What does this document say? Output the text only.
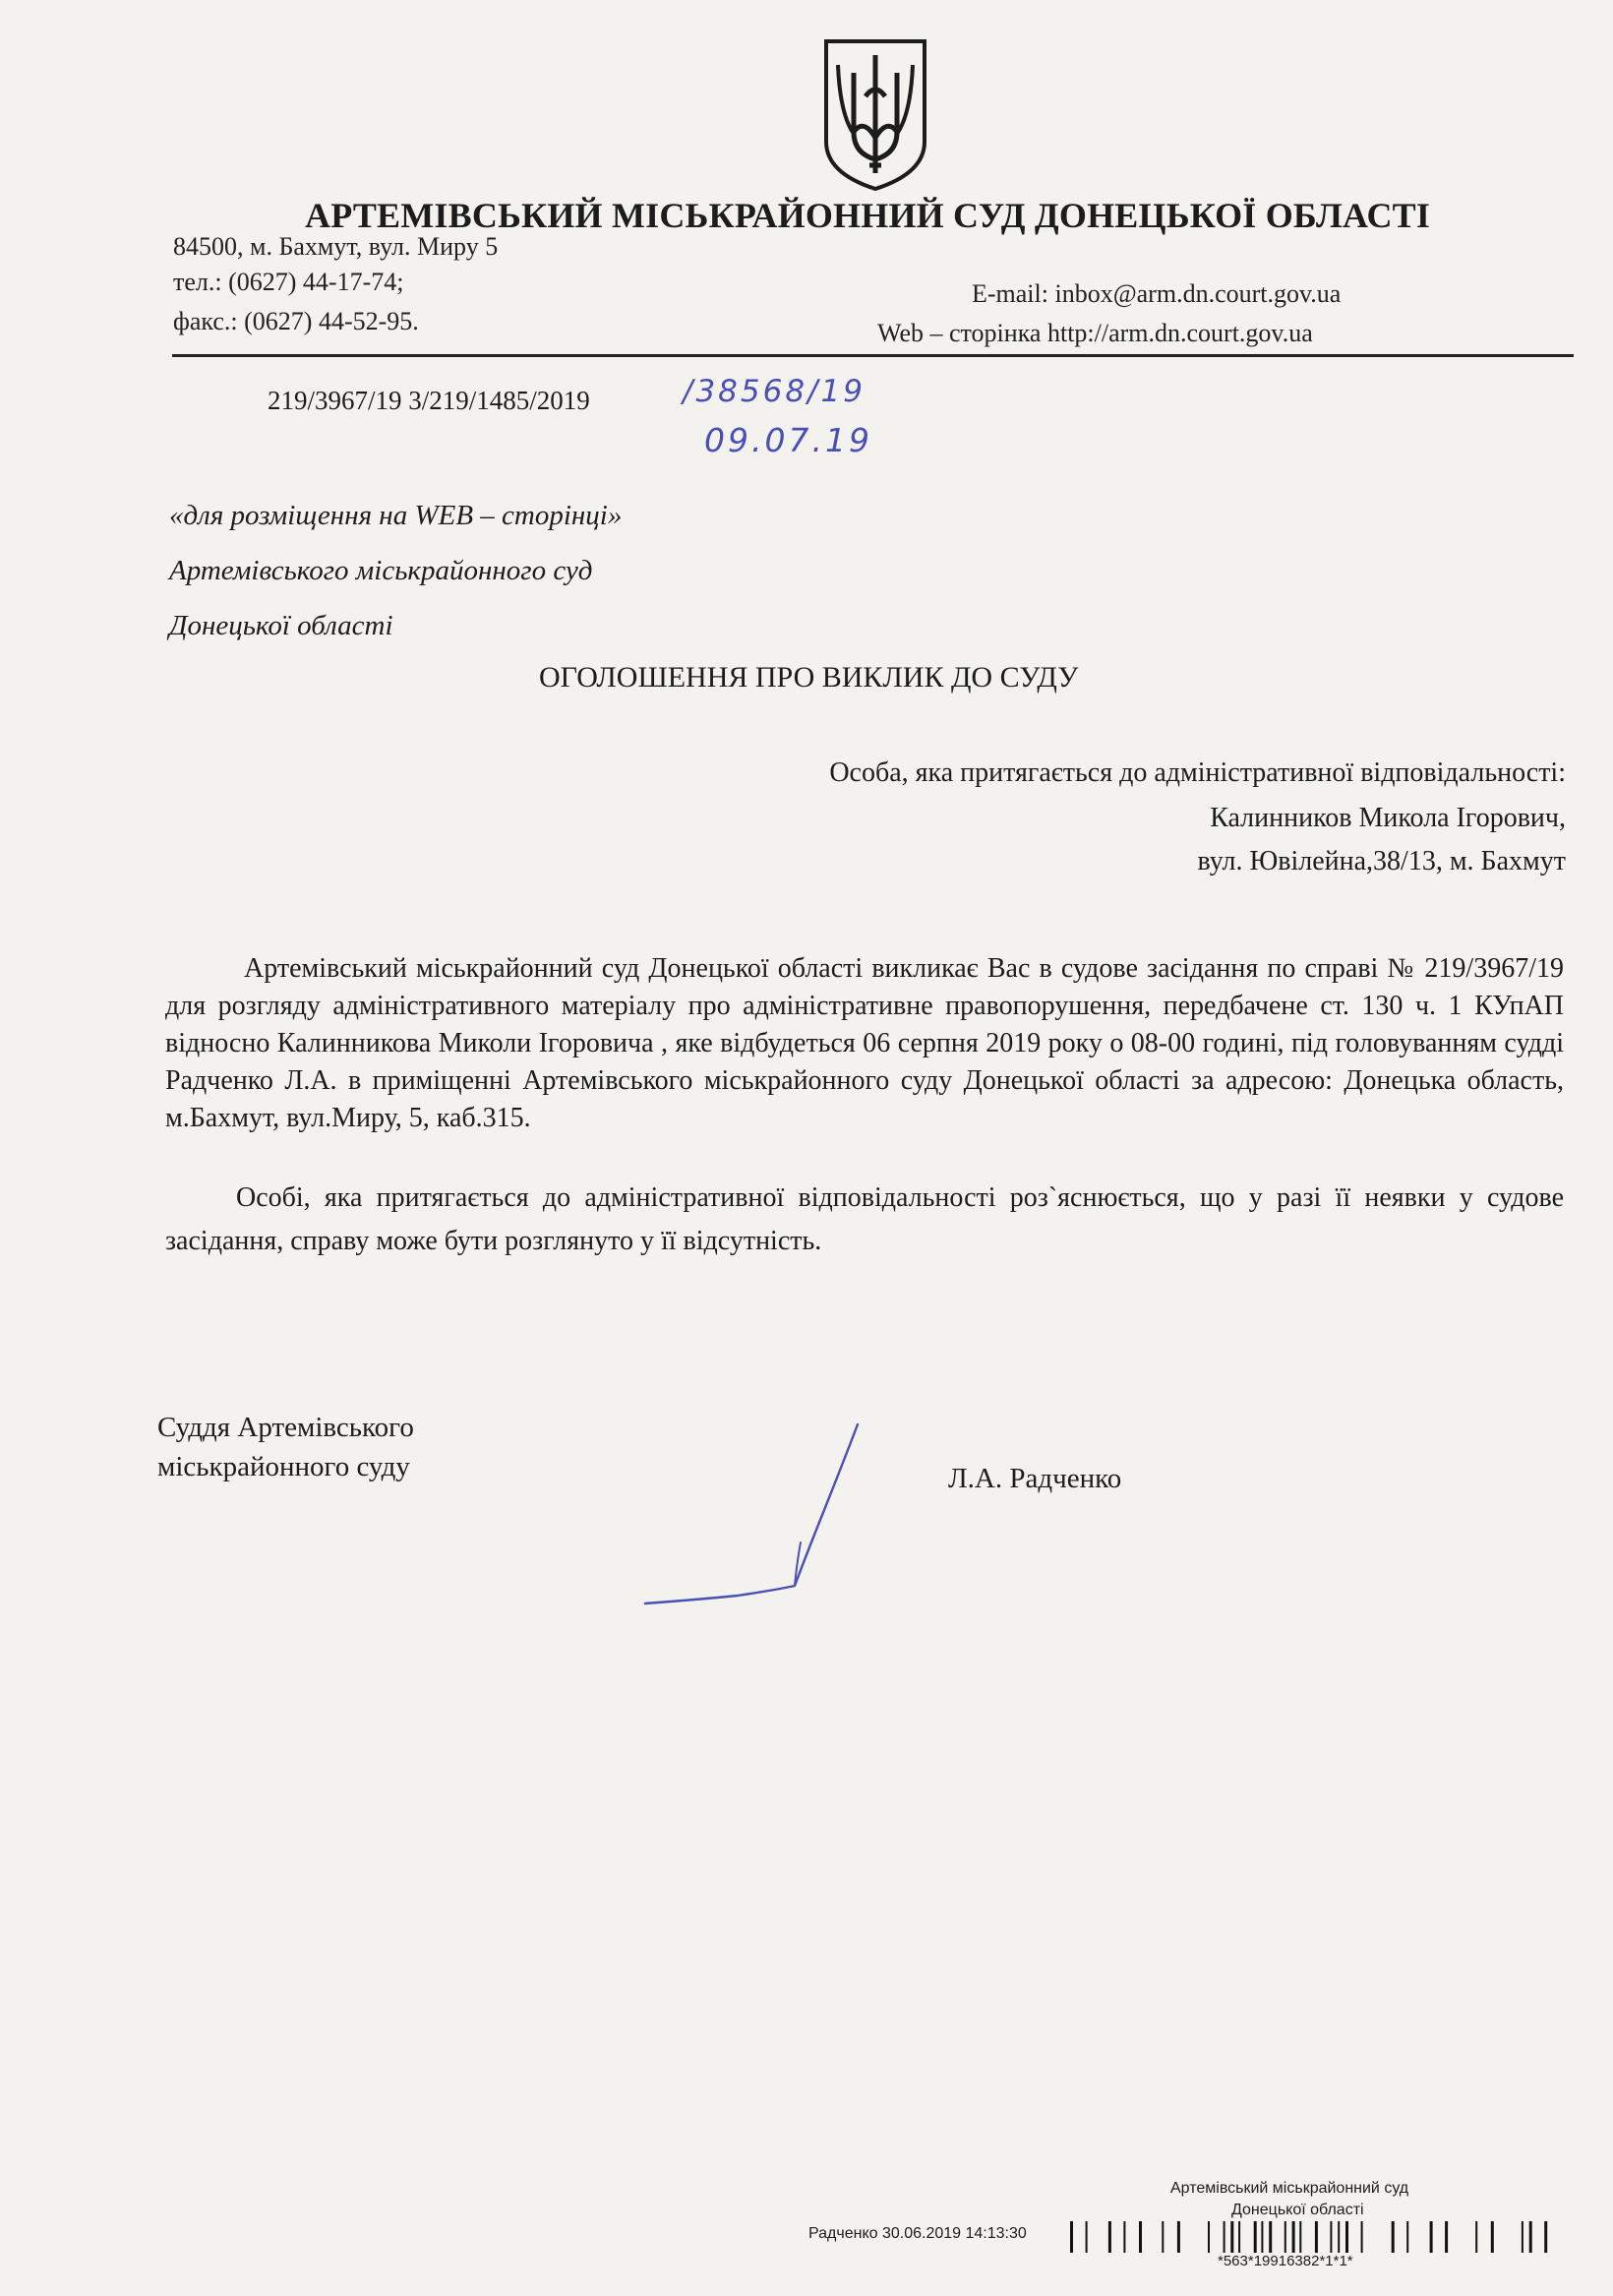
АРТЕМІВСЬКИЙ МІСЬКРАЙОННИЙ СУД ДОНЕЦЬКОЇ ОБЛАСТІ
84500, м. Бахмут, вул. Миру 5
тел.: (0627) 44-17-74;
факс.: (0627) 44-52-95.
E-mail: inbox@arm.dn.court.gov.ua
Web – сторінка http://arm.dn.court.gov.ua
219/3967/19 3/219/1485/2019	/38568/19
09.07.19
«для розміщення на WEB – сторінці»
Артемівського міськрайонного суд
Донецької області
ОГОЛОШЕННЯ ПРО ВИКЛИК ДО СУДУ
Особа, яка притягається до адміністративної відповідальності:
Калинников Микола Ігорович,
вул. Ювілейна,38/13, м. Бахмут
Артемівський міськрайонний суд Донецької області викликає Вас в судове засідання по справі № 219/3967/19 для розгляду адміністративного матеріалу про адміністративне правопорушення, передбачене ст. 130 ч. 1 КУпАП відносно Калинникова Миколи Ігоровича , яке відбудеться 06 серпня 2019 року о 08-00 годині, під головуванням судді Радченко Л.А. в приміщенні Артемівського міськрайонного суду Донецької області за адресою: Донецька область, м.Бахмут, вул.Миру, 5, каб.315.
Особі, яка притягається до адміністративної відповідальності роз`яснюється, що у разі її неявки у судове засідання, справу може бути розглянуто у її відсутність.
Суддя Артемівського
міськрайонного суду	Л.А. Радченко
Артемівський міськрайонний суд
Донецької області
Радченко 30.06.2019 14:13:30
*563*19916382*1*1*
